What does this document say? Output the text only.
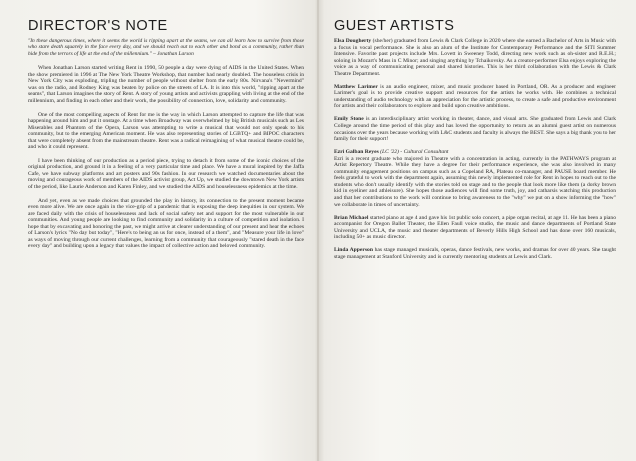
DIRECTOR'S NOTE

"In these dangerous times, where it seems the world is ripping apart at the seams, we can all learn how to survive from those who stare death squarely in the face every day, and we should reach out to each other and bond as a community, rather than hide from the terrors of life at the end of the millennium." – Jonathan Larson

When Jonathan Larson started writing Rent in 1990, 50 people a day were dying of AIDS in the United States. When the show premiered in 1996 at The New York Theatre Workshop, that number had nearly doubled. The houseless crisis in New York City was exploding, tripling the number of people without shelter from the early 80s. Nirvana's "Nevermind" was on the radio, and Rodney King was beaten by police on the streets of LA. It is into this world, "ripping apart at the seams", that Larson imagines the story of Rent. A story of young artists and activists grappling with living at the end of the millennium, and finding in each other and their work, the possibility of connection, love, solidarity and community.

One of the most compelling aspects of Rent for me is the way in which Larson attempted to capture the life that was happening around him and put it onstage. At a time when Broadway was overwhelmed by big British musicals such as Les Miserables and Phantom of the Opera, Larson was attempting to write a musical that would not only speak to his community, but to the emerging American moment. He was also representing stories of LGBTQ+ and BIPOC characters that were completely absent from the mainstream theatre. Rent was a radical reimagining of what musical theatre could be, and who it could represent.

I have been thinking of our production as a period piece, trying to detach it from some of the iconic choices of the original production, and ground it in a feeling of a very particular time and place. We have a mural inspired by the Jaffa Cafe, we have subway platforms and art posters and 90s fashion. In our research we watched documentaries about the moving and courageous work of members of the AIDS activist group, Act Up, we studied the downtown New York artists of the period, like Laurie Anderson and Karen Finley, and we studied the AIDS and houselessness epidemics at the time.

And yet, even as we made choices that grounded the play in history, its connection to the present moment became even more alive. We are once again in the vice-grip of a pandemic that is exposing the deep inequities in our system. We are faced daily with the crisis of houselessness and lack of social safety net and support for the most vulnerable in our communities. And young people are looking to find community and solidarity in a culture of competition and isolation. I hope that by excavating and honoring the past, we might arrive at clearer understanding of our present and hear the echoes of Larson's lyrics "No day but today", "Here's to being an us for once, instead of a them", and "Measure your life in love" as ways of moving through our current challenges, learning from a community that courageously "stared death in the face every day" and building upon a legacy that values the impact of collective action and beloved community.

GUEST ARTISTS

Elsa Dougherty (she/her) graduated from Lewis & Clark College in 2020 where she earned a Bachelor of Arts in Music with a focus in vocal performance. She is also an alum of the Institute for Contemporary Performance and the SITI Summer Intensive. Favorite past projects include Mrs. Lovett in Sweeney Todd, directing new work such as oh-sister and R.E.H.; soloing in Mozart's Mass in C Minor; and singing anything by Tchaikovsky. As a creator-performer Elsa enjoys exploring the voice as a way of communicating personal and shared histories. This is her third collaboration with the Lewis & Clark Theatre Department.

Matthew Larimer is an audio engineer, mixer, and music producer based in Portland, OR. As a producer and engineer Larimer's goal is to provide creative support and resources for the artists he works with. He combines a technical understanding of audio technology with an appreciation for the artistic process, to create a safe and productive environment for artists and their collaborators to explore and build upon creative ambitions.

Emily Stone is an interdisciplinary artist working in theater, dance, and visual arts. She graduated from Lewis and Clark College around the time period of this play and has loved the opportunity to return as an alumni guest artist on numerous occasions over the years because working with L&C students and faculty is always the BEST. She says a big thank you to her family for their support!

Ezri Galban Reyes (LC '22) - Cultural Consultant
Ezri is a recent graduate who majored in Theatre with a concentration in acting, currently in the PATHWAYS program at Artist Repertory Theatre. While they have a degree for their performance experience, she was also involved in many community engagement positions on campus such as a Copeland RA, Plateau co-manager, and PAUSE board member. He feels grateful to work with the department again, assuming this newly implemented role for Rent in hopes to reach out to the students who don't usually identify with the stories told on stage and to the people that look more like them (a dorky brown kid in eyeliner and athleisure). She hopes those audiences will find some truth, joy, and catharsis watching this production and that her contributions to the work will continue to bring awareness to the "why" we put on a show informing the "how" we collaborate in times of uncertainty.

Brian Michael started piano at age 4 and gave his 1st public solo concert, a pipe organ recital, at age 11. He has been a piano accompanist for Oregon Ballet Theater, the Ellen Faull voice studio, the music and dance departments of Portland State University and UCLA, the music and theater departments of Beverly Hills High School and has done over 160 musicals, including 50+ as music director.

Linda Apperson has stage managed musicals, operas, dance festivals, new works, and dramas for over 40 years. She taught stage management at Stanford University and is currently mentoring students at Lewis and Clark.
